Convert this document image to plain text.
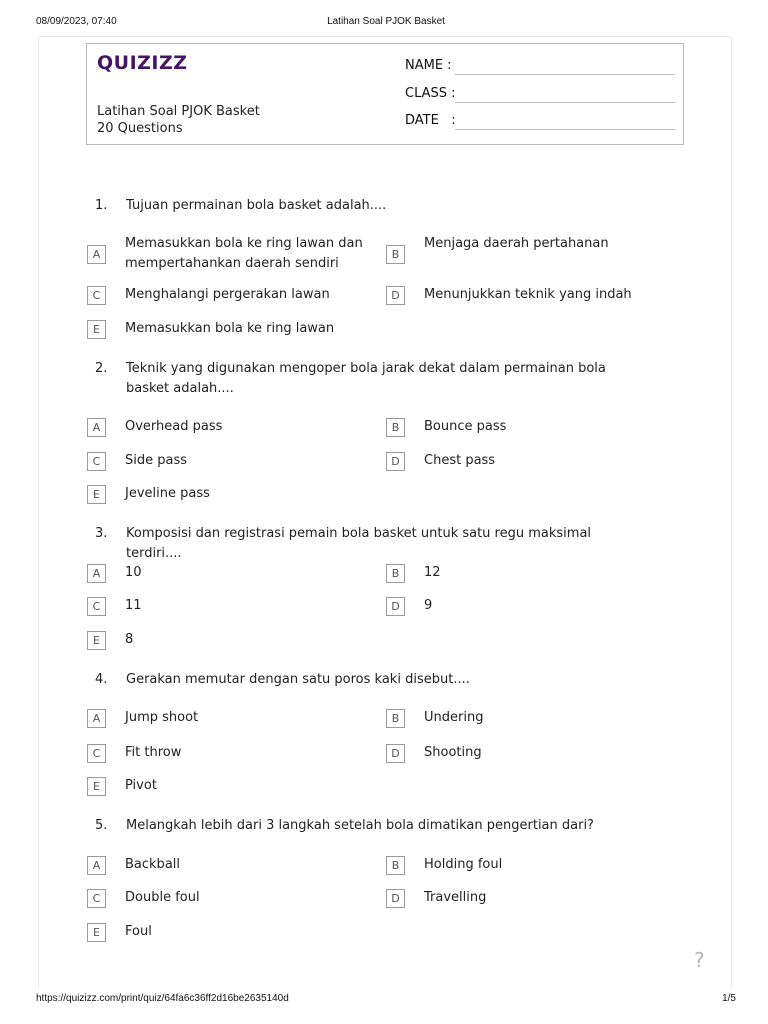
08/09/2023, 07:40	Latihan Soal PJOK Basket
QUIZIZZ
Latihan Soal PJOK Basket
20 Questions
NAME :
CLASS :
DATE   :
1. Tujuan permainan bola basket adalah....
A
Memasukkan bola ke ring lawan dan mempertahankan daerah sendiri
B
Menjaga daerah pertahanan
C	Menghalangi pergerakan lawan	D	Menunjukkan teknik yang indah
E	Memasukkan bola ke ring lawan
2. Teknik yang digunakan mengoper bola jarak dekat dalam permainan bola basket adalah....
A	Overhead pass	B	Bounce pass
C	Side pass	D	Chest pass
E	Jeveline pass
3. Komposisi dan registrasi pemain bola basket untuk satu regu maksimal terdiri....
A	10	B	12
C	11	D	9
E	8
4. Gerakan memutar dengan satu poros kaki disebut....
A	Jump shoot	B	Undering
C	Fit throw	D	Shooting
E	Pivot
5. Melangkah lebih dari 3 langkah setelah bola dimatikan pengertian dari?
A	Backball	B	Holding foul
C	Double foul	D	Travelling
E	Foul
?
https://quizizz.com/print/quiz/64fa6c36ff2d16be2635140d	1/5
